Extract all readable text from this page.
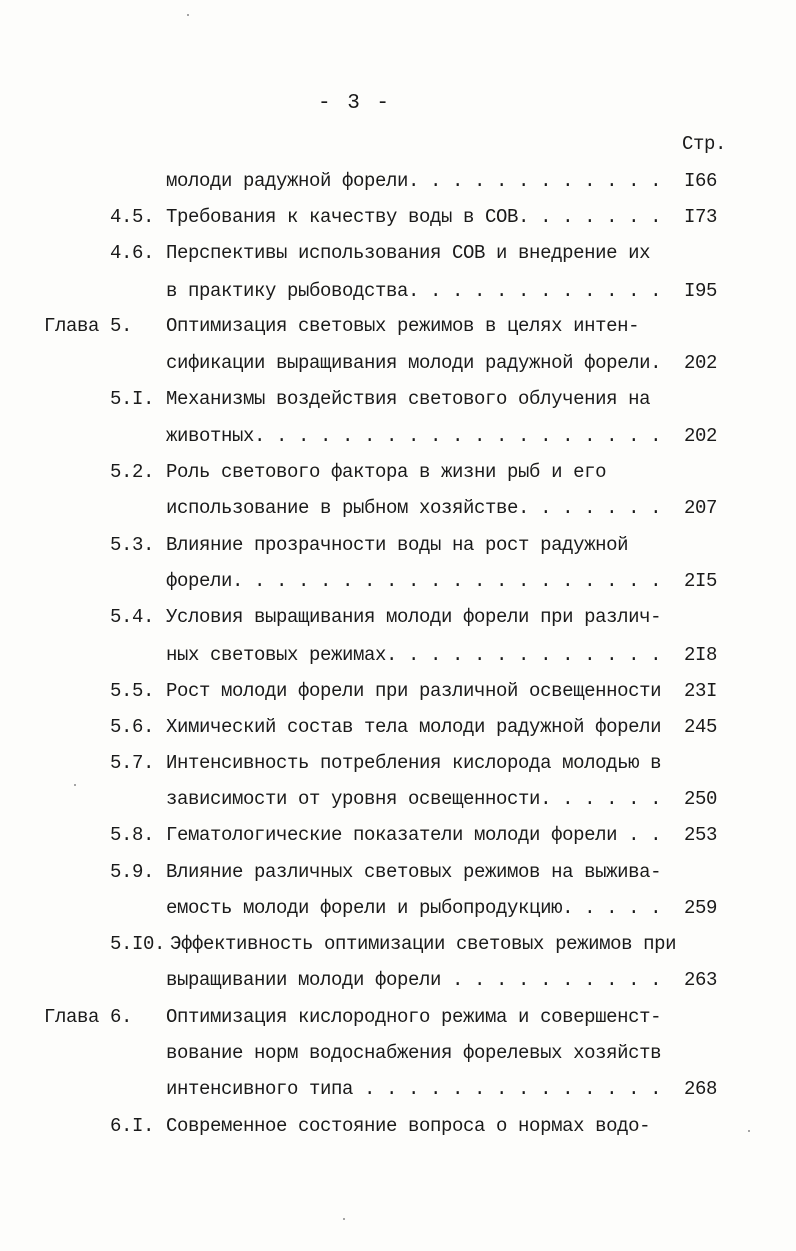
- 3 -
Стр.
молоди радужной форели. . . . . . . . . . . . I66
4.5. Требования к качеству воды в СОВ. . . . . . . I73
4.6. Перспективы использования СОВ и внедрение их
в практику рыбоводства. . . . . . . . . . . . I95
Глава 5. Оптимизация световых режимов в целях интен-
сификации выращивания молоди радужной форели. 202
5.I. Механизмы воздействия светового облучения на
животных. . . . . . . . . . . . . . . . . . . 202
5.2. Роль светового фактора в жизни рыб и его
использование в рыбном хозяйстве. . . . . . . 207
5.3. Влияние прозрачности воды на рост радужной
форели. . . . . . . . . . . . . . . . . . . . 2I5
5.4. Условия выращивания молоди форели при различ-
ных световых режимах. . . . . . . . . . . . . 2I8
5.5. Рост молоди форели при различной освещенности 23I
5.6. Химический состав тела молоди радужной форели 245
5.7. Интенсивность потребления кислорода молодью в
зависимости от уровня освещенности. . . . . . 250
5.8. Гематологические показатели молоди форели . . 253
5.9. Влияние различных световых режимов на выжива-
емость молоди форели и рыбопродукцию. . . . . 259
5.I0. Эффективность оптимизации световых режимов при
выращивании молоди форели . . . . . . . . . . 263
Глава 6. Оптимизация кислородного режима и совершенст-
вование норм водоснабжения форелевых хозяйств
интенсивного типа . . . . . . . . . . . . . . 268
6.I. Современное состояние вопроса о нормах водо-
